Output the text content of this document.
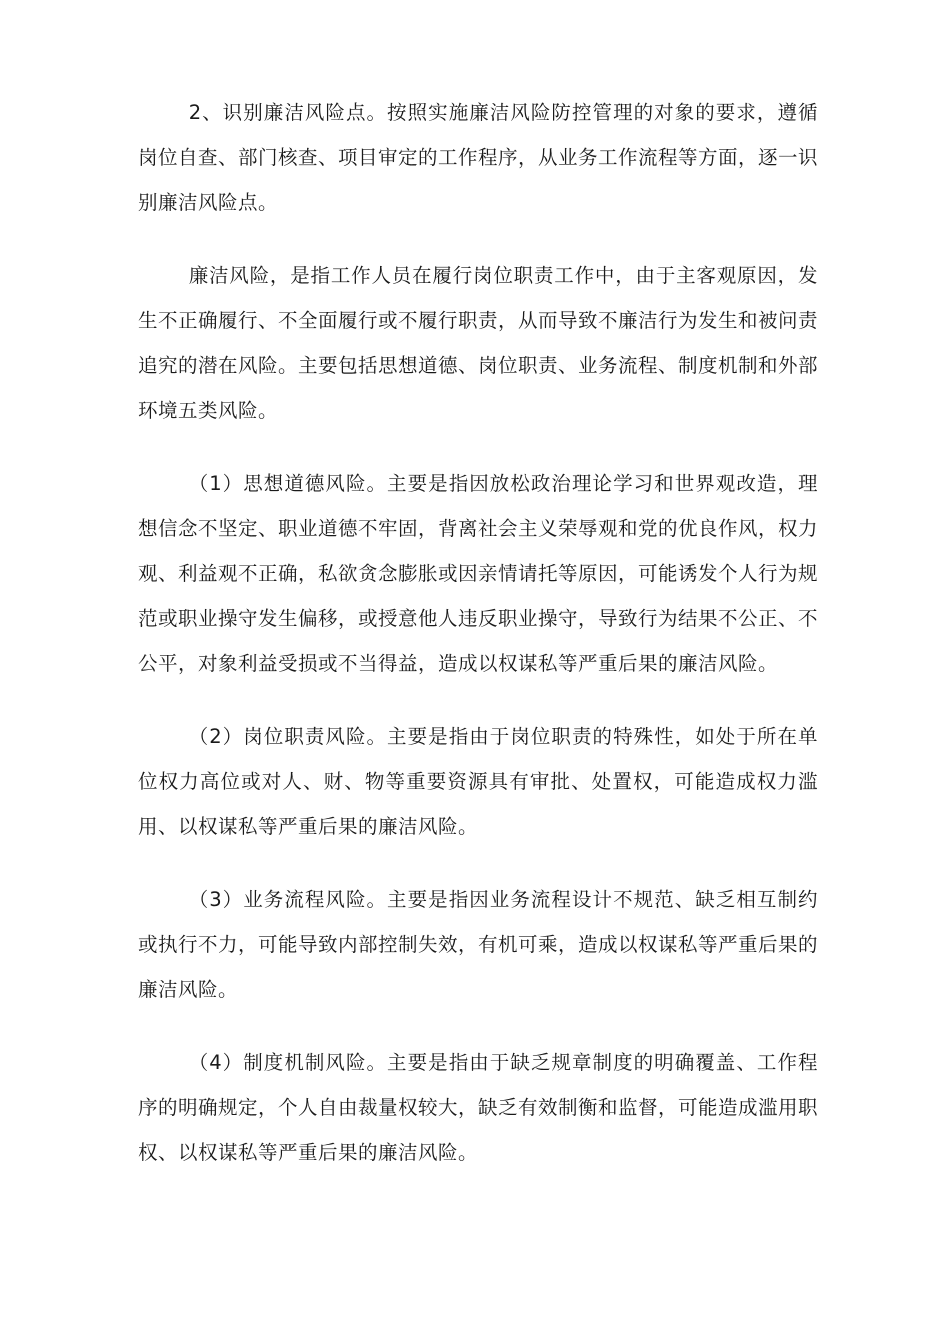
2、识别廉洁风险点。按照实施廉洁风险防控管理的对象的要求，遵循岗位自查、部门核查、项目审定的工作程序，从业务工作流程等方面，逐一识别廉洁风险点。

廉洁风险，是指工作人员在履行岗位职责工作中，由于主客观原因，发生不正确履行、不全面履行或不履行职责，从而导致不廉洁行为发生和被问责追究的潜在风险。主要包括思想道德、岗位职责、业务流程、制度机制和外部环境五类风险。

（1）思想道德风险。主要是指因放松政治理论学习和世界观改造，理想信念不坚定、职业道德不牢固，背离社会主义荣辱观和党的优良作风，权力观、利益观不正确，私欲贪念膨胀或因亲情请托等原因，可能诱发个人行为规范或职业操守发生偏移，或授意他人违反职业操守，导致行为结果不公正、不公平，对象利益受损或不当得益，造成以权谋私等严重后果的廉洁风险。

（2）岗位职责风险。主要是指由于岗位职责的特殊性，如处于所在单位权力高位或对人、财、物等重要资源具有审批、处置权，可能造成权力滥用、以权谋私等严重后果的廉洁风险。

（3）业务流程风险。主要是指因业务流程设计不规范、缺乏相互制约或执行不力，可能导致内部控制失效，有机可乘，造成以权谋私等严重后果的廉洁风险。

（4）制度机制风险。主要是指由于缺乏规章制度的明确覆盖、工作程序的明确规定，个人自由裁量权较大，缺乏有效制衡和监督，可能造成滥用职权、以权谋私等严重后果的廉洁风险。
